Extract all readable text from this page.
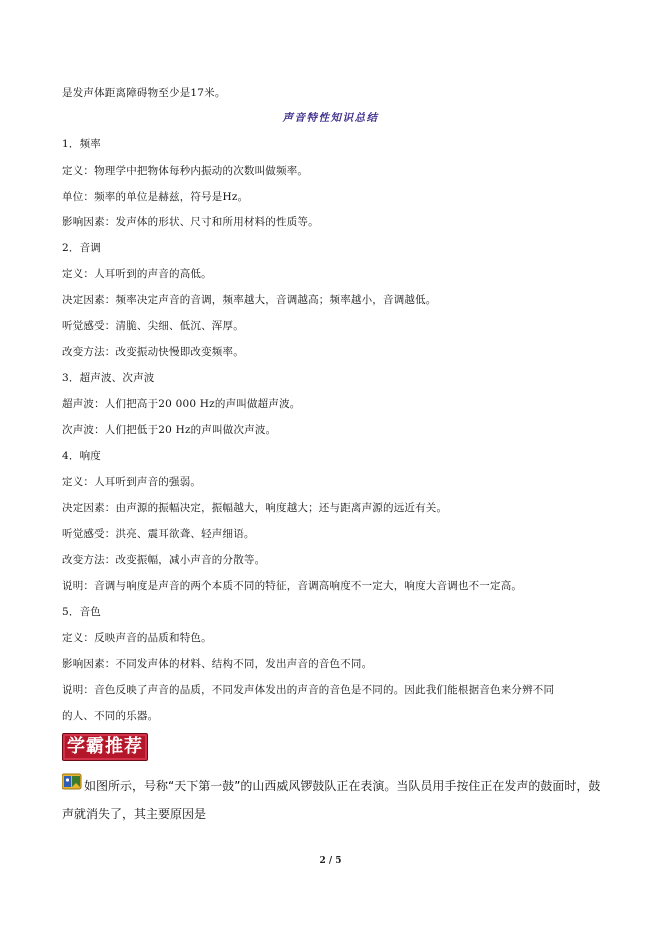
是发声体距离障碍物至少是17米。
声音特性知识总结
1．频率
定义：物理学中把物体每秒内振动的次数叫做频率。
单位：频率的单位是赫兹，符号是Hz。
影响因素：发声体的形状、尺寸和所用材料的性质等。
2．音调
定义：人耳听到的声音的高低。
决定因素：频率决定声音的音调，频率越大，音调越高；频率越小，音调越低。
听觉感受：清脆、尖细、低沉、浑厚。
改变方法：改变振动快慢即改变频率。
3．超声波、次声波
超声波：人们把高于20 000 Hz的声叫做超声波。
次声波：人们把低于20 Hz的声叫做次声波。
4．响度
定义：人耳听到声音的强弱。
决定因素：由声源的振幅决定，振幅越大，响度越大；还与距离声源的远近有关。
听觉感受：洪亮、震耳欲聋、轻声细语。
改变方法：改变振幅，减小声音的分散等。
说明：音调与响度是声音的两个本质不同的特征，音调高响度不一定大，响度大音调也不一定高。
5．音色
定义：反映声音的品质和特色。
影响因素：不同发声体的材料、结构不同，发出声音的音色不同。
说明：音色反映了声音的品质，不同发声体发出的声音的音色是不同的。因此我们能根据音色来分辨不同
的人、不同的乐器。
学霸推荐
如图所示，号称“天下第一鼓”的山西威风锣鼓队正在表演。当队员用手按住正在发声的鼓面时，鼓声就消失了，其主要原因是
2 / 5
